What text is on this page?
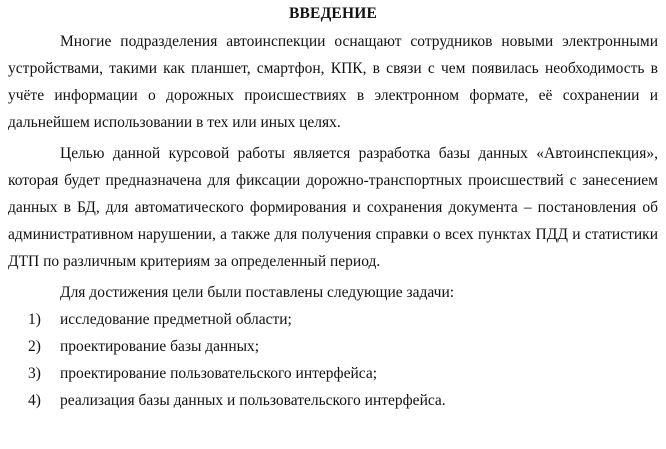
ВВЕДЕНИЕ

Многие подразделения автоинспекции оснащают сотрудников новыми электронными устройствами, такими как планшет, смартфон, КПК, в связи с чем появилась необходимость в учёте информации о дорожных происшествиях в электронном формате, её сохранении и дальнейшем использовании в тех или иных целях.

Целью данной курсовой работы является разработка базы данных «Автоинспекция», которая будет предназначена для фиксации дорожно-транспортных происшествий с занесением данных в БД, для автоматического формирования и сохранения документа – постановления об административном нарушении, а также для получения справки о всех пунктах ПДД и статистики ДТП по различным критериям за определенный период.

Для достижения цели были поставлены следующие задачи:

1)	исследование предметной области;
2)	проектирование базы данных;
3)	проектирование пользовательского интерфейса;
4)	реализация базы данных и пользовательского интерфейса.
